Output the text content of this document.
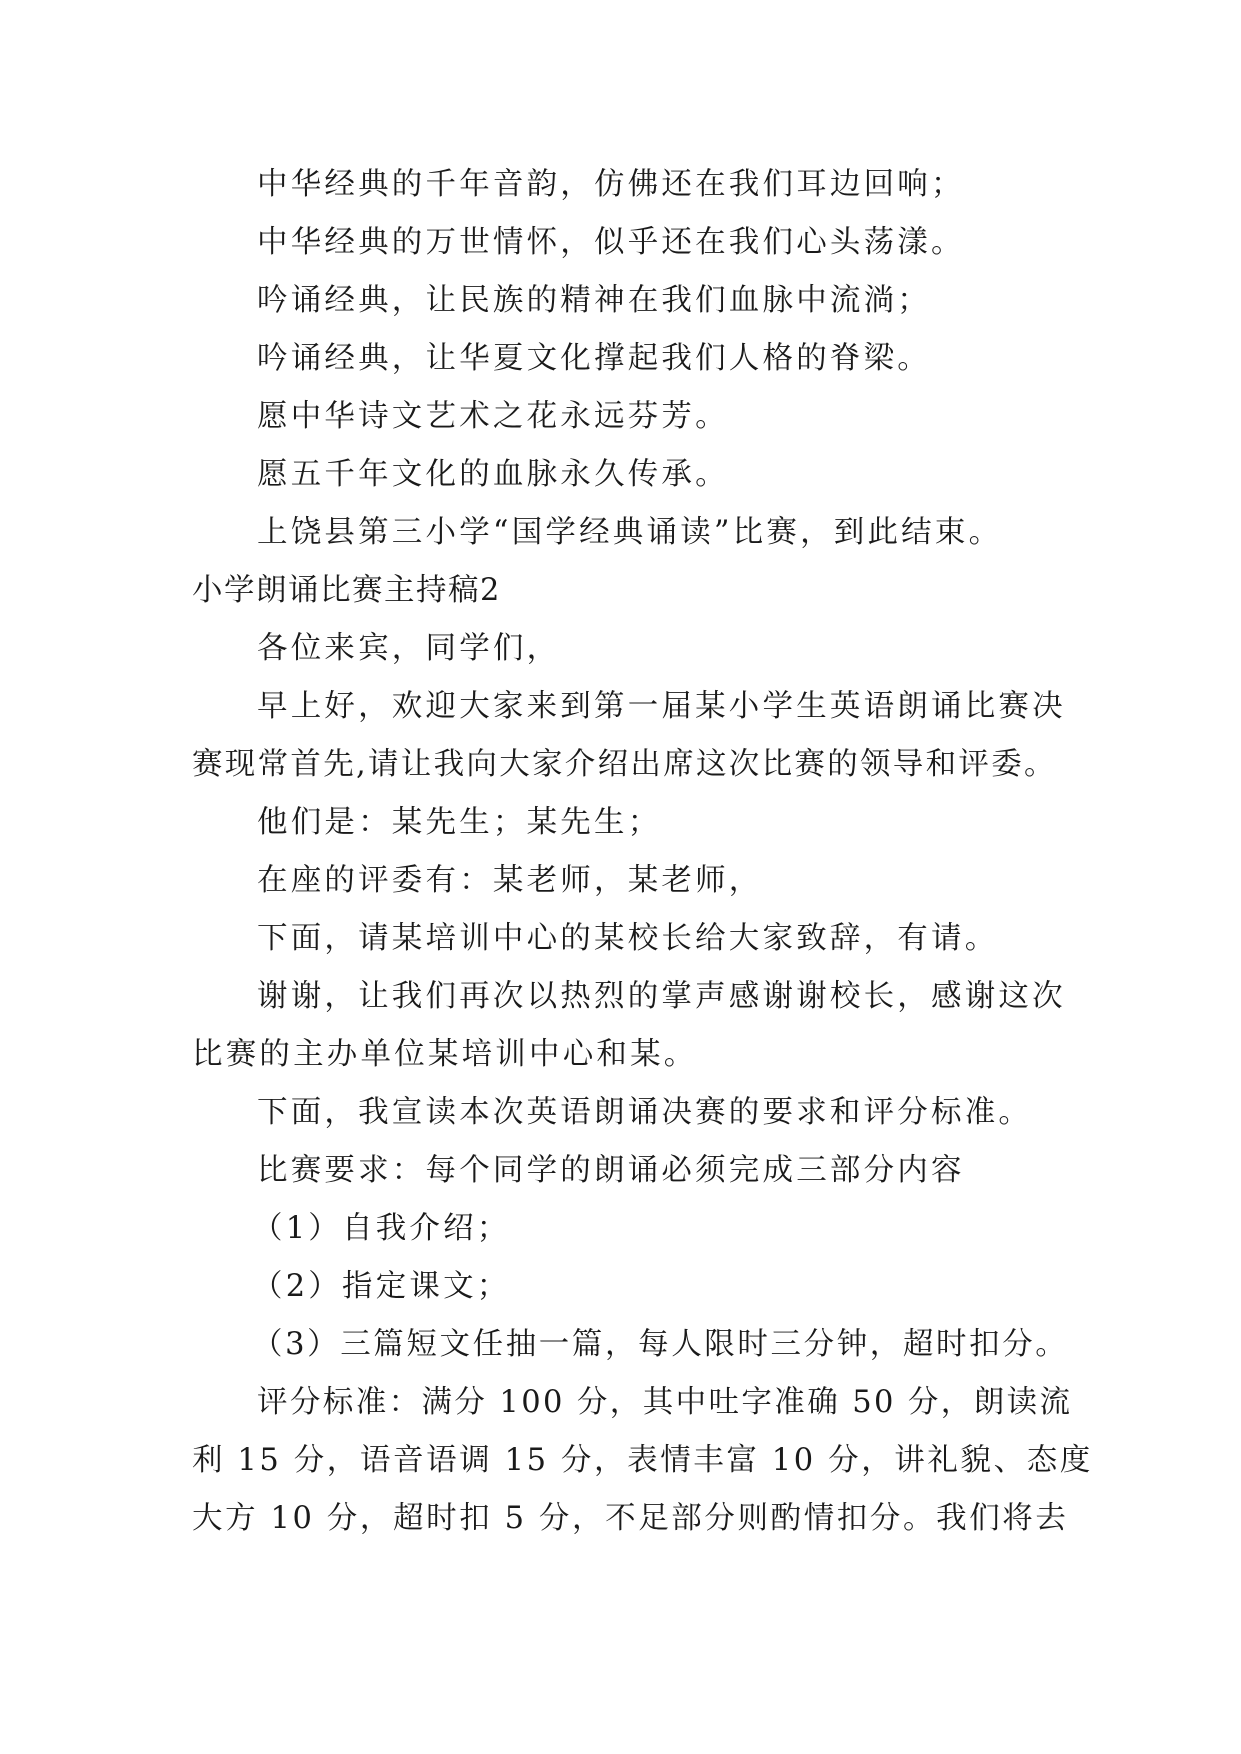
中华经典的千年音韵，仿佛还在我们耳边回响；
中华经典的万世情怀，似乎还在我们心头荡漾。
吟诵经典，让民族的精神在我们血脉中流淌；
吟诵经典，让华夏文化撑起我们人格的脊梁。
愿中华诗文艺术之花永远芬芳。
愿五千年文化的血脉永久传承。
上饶县第三小学“国学经典诵读”比赛，到此结束。
小学朗诵比赛主持稿2
各位来宾，同学们，
早上好，欢迎大家来到第一届某小学生英语朗诵比赛决
赛现常首先,请让我向大家介绍出席这次比赛的领导和评委。
他们是：某先生；某先生；
在座的评委有：某老师，某老师，
下面，请某培训中心的某校长给大家致辞，有请。
谢谢，让我们再次以热烈的掌声感谢谢校长，感谢这次
比赛的主办单位某培训中心和某。
下面，我宣读本次英语朗诵决赛的要求和评分标准。
比赛要求：每个同学的朗诵必须完成三部分内容
（1）自我介绍；
（2）指定课文；
（3）三篇短文任抽一篇，每人限时三分钟，超时扣分。
评分标准：满分 100 分，其中吐字准确 50 分，朗读流
利 15 分，语音语调 15 分，表情丰富 10 分，讲礼貌、态度
大方 10 分，超时扣 5 分，不足部分则酌情扣分。我们将去
